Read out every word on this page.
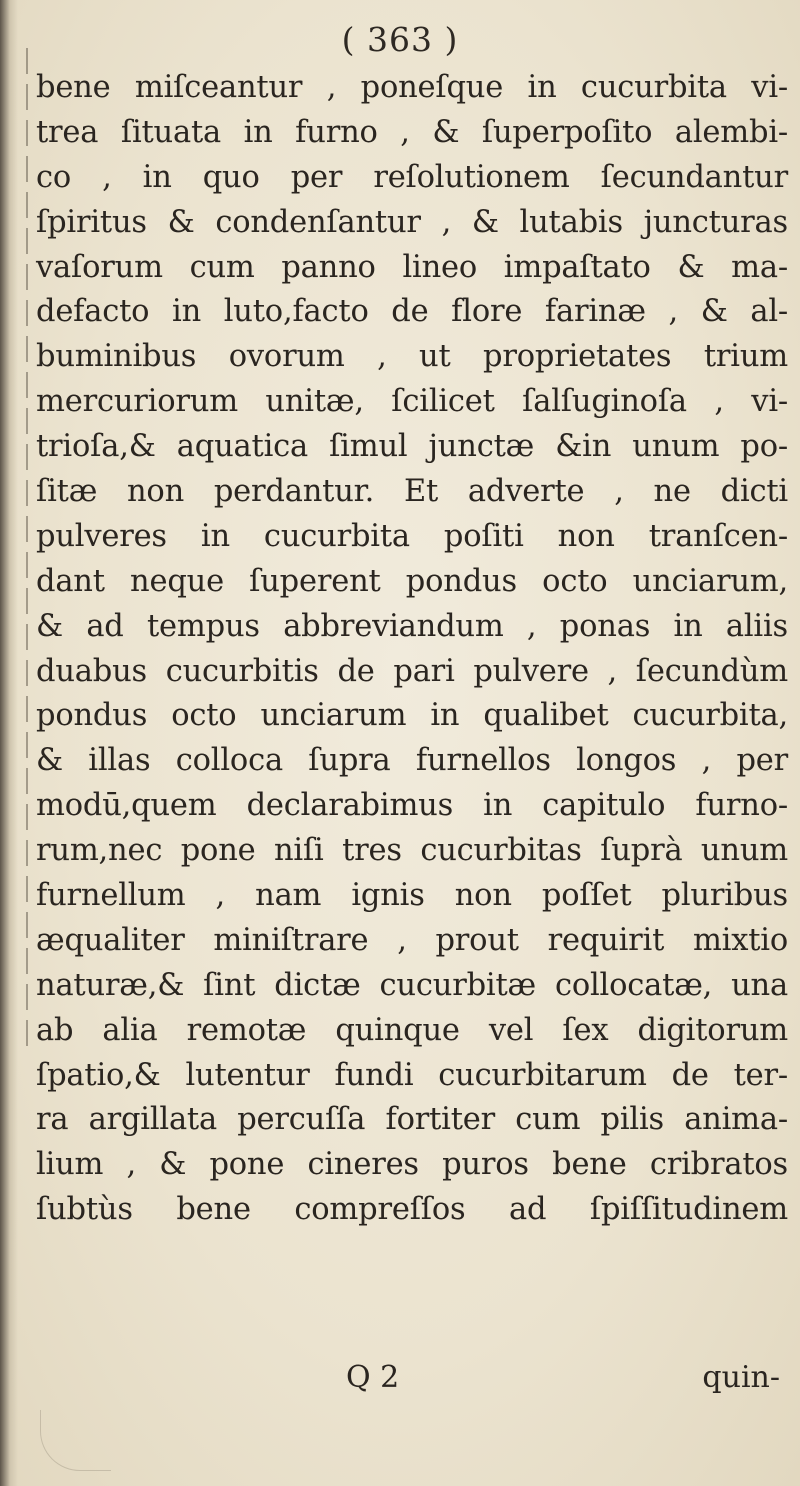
( 363 )
bene miſceantur , poneſque in cucurbita vi-
trea ſituata in furno , & ſuperpoſito alembi-
co , in quo per reſolutionem ſecundantur
ſpiritus & condenſantur , & lutabis juncturas
vaſorum cum panno lineo impaſtato & ma-
defacto in luto,facto de flore farinæ , & al-
buminibus ovorum , ut proprietates trium
mercuriorum unitæ, ſcilicet ſalſuginoſa , vi-
trioſa,& aquatica ſimul junctæ &in unum po-
ſitæ non perdantur. Et adverte , ne dicti
pulveres in cucurbita poſiti non tranſcen-
dant neque ſuperent pondus octo unciarum,
& ad tempus abbreviandum , ponas in aliis
duabus cucurbitis de pari pulvere , ſecundùm
pondus octo unciarum in qualibet cucurbita,
& illas colloca ſupra furnellos longos , per
modū,quem declarabimus in capitulo furno-
rum,nec pone niſi tres cucurbitas ſuprà unum
furnellum , nam ignis non poſſet pluribus
æqualiter miniſtrare , prout requirit mixtio
naturæ,& ſint dictæ cucurbitæ collocatæ, una
ab alia remotæ quinque vel ſex digitorum
ſpatio,& lutentur fundi cucurbitarum de ter-
ra argillata percuſſa fortiter cum pilis anima-
lium , & pone cineres puros bene cribratos
ſubtùs bene compreſſos ad ſpiſſitudinem
Q 2	quin-
